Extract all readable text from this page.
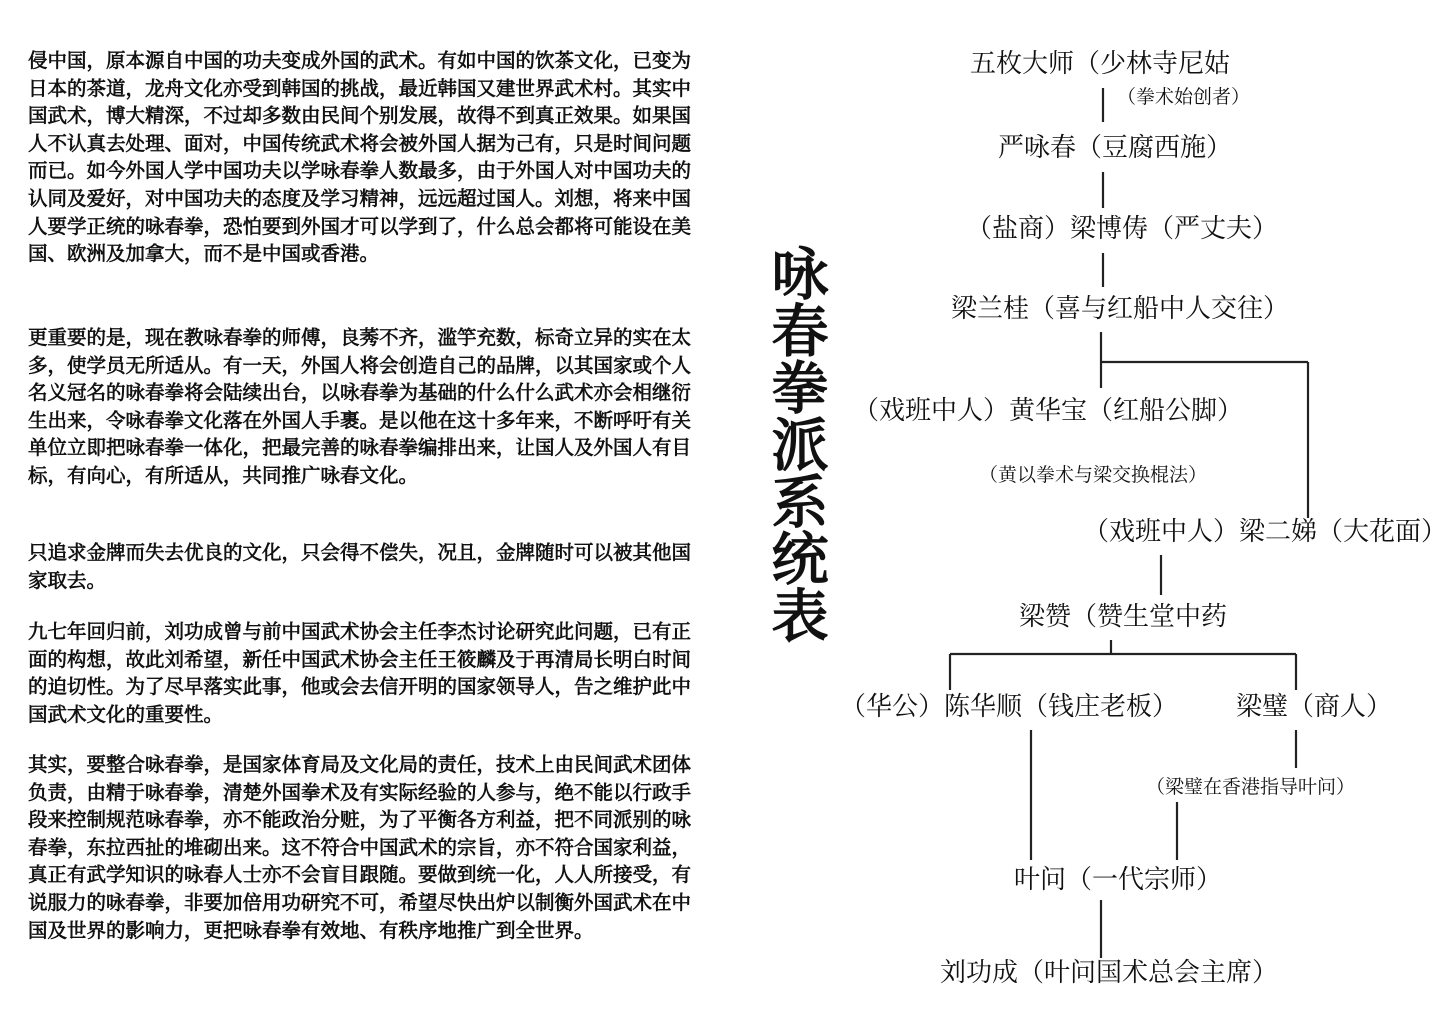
侵中国，原本源自中国的功夫变成外国的武术。有如中国的饮茶文化，已变为日本的茶道，龙舟文化亦受到韩国的挑战，最近韩国又建世界武术村。其实中国武术，博大精深，不过却多数由民间个别发展，故得不到真正效果。如果国人不认真去处理、面对，中国传统武术将会被外国人据为己有，只是时间问题而已。如今外国人学中国功夫以学咏春拳人数最多，由于外国人对中国功夫的认同及爱好，对中国功夫的态度及学习精神，远远超过国人。刘想，将来中国人要学正统的咏春拳，恐怕要到外国才可以学到了，什么总会都将可能设在美国、欧洲及加拿大，而不是中国或香港。

更重要的是，现在教咏春拳的师傅，良莠不齐，滥竽充数，标奇立异的实在太多，使学员无所适从。有一天，外国人将会创造自己的品牌，以其国家或个人名义冠名的咏春拳将会陆续出台，以咏春拳为基础的什么什么武术亦会相继衍生出来，令咏春拳文化落在外国人手裹。是以他在这十多年来，不断呼吁有关单位立即把咏春拳一体化，把最完善的咏春拳编排出来，让国人及外国人有目标，有向心，有所适从，共同推广咏春文化。

只追求金牌而失去优良的文化，只会得不偿失，况且，金牌随时可以被其他国家取去。

九七年回归前，刘功成曾与前中国武术协会主任李杰讨论研究此问题，已有正面的构想，故此刘希望，新任中国武术协会主任王筱麟及于再清局长明白时间的迫切性。为了尽早落实此事，他或会去信开明的国家领导人，告之维护此中国武术文化的重要性。

其实，要整合咏春拳，是国家体育局及文化局的责任，技术上由民间武术团体负责，由精于咏春拳，清楚外国拳术及有实际经验的人参与，绝不能以行政手段来控制规范咏春拳，亦不能政治分赃，为了平衡各方利益，把不同派别的咏春拳，东拉西扯的堆砌出来。这不符合中国武术的宗旨，亦不符合国家利益，真正有武学知识的咏春人士亦不会盲目跟随。要做到统一化，人人所接受，有说服力的咏春拳，非要加倍用功研究不可，希望尽快出炉以制衡外国武术在中国及世界的影响力，更把咏春拳有效地、有秩序地推广到全世界。

咏春拳派系统表
五枚大师（少林寺尼姑
严咏春（豆腐西施）
（盐商）梁博俦（严丈夫）
梁兰桂（喜与红船中人交往）
（戏班中人）黄华宝（红船公脚）
（戏班中人）梁二娣（大花面）
梁赞（赞生堂中药
（华公）陈华顺（钱庄老板） 梁璧（商人）
叶问（一代宗师）
刘功成（叶问国术总会主席）
（拳术始创者）
（黄以拳术与梁交换棍法）
（梁璧在香港指导叶问）
